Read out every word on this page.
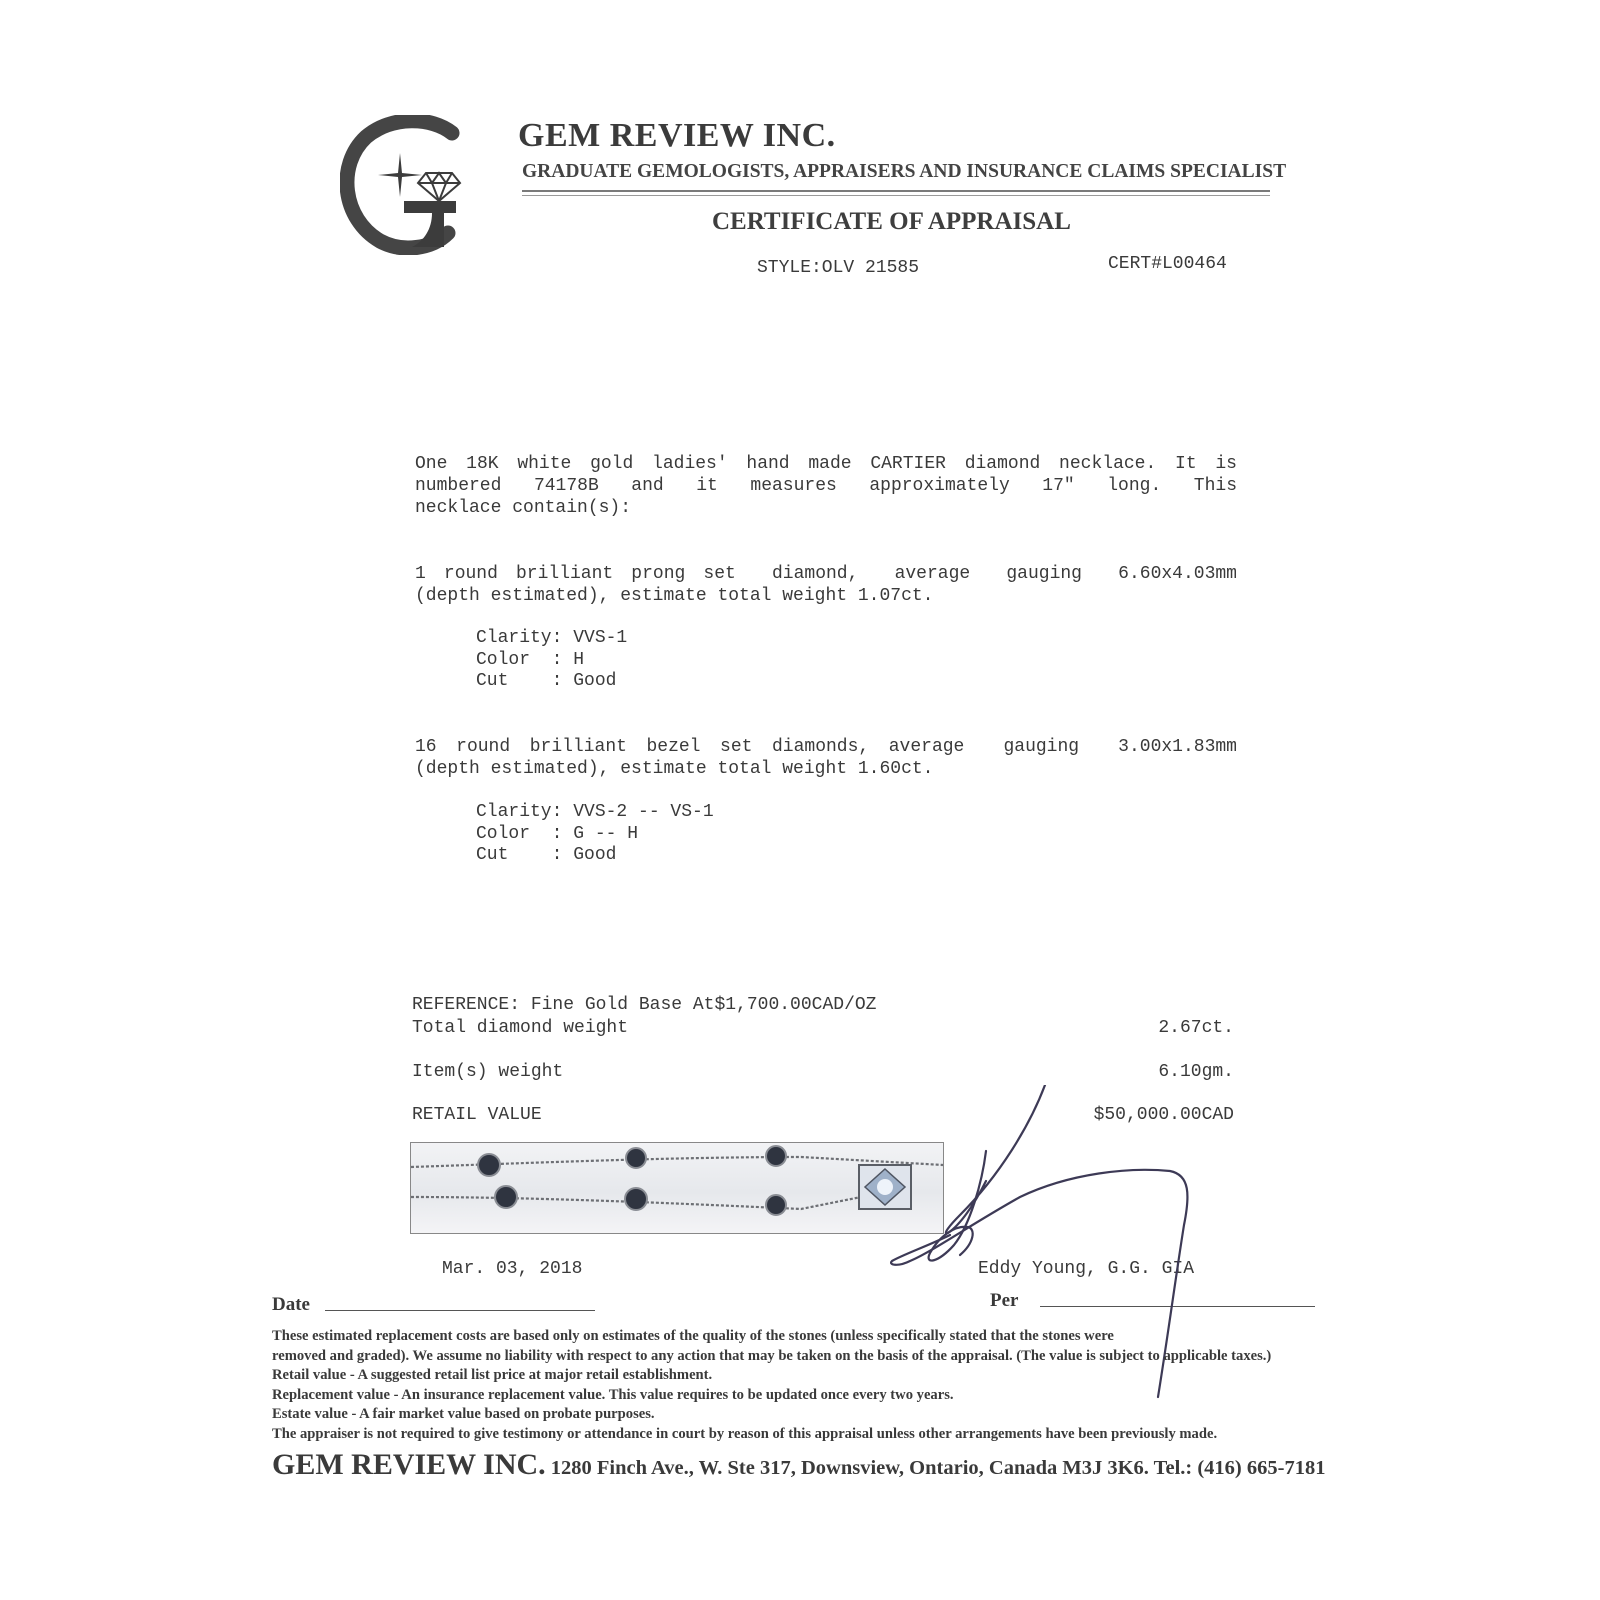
GEM REVIEW INC.
GRADUATE GEMOLOGISTS, APPRAISERS AND INSURANCE CLAIMS SPECIALIST
CERTIFICATE OF APPRAISAL
STYLE:OLV 21585	CERT#L00464
One 18K white gold ladies' hand made CARTIER diamond necklace. It is
numbered 74178B and it measures approximately 17" long. This
necklace contain(s):
1 round brilliant prong set  diamond,  average  gauging  6.60x4.03mm
(depth estimated), estimate total weight 1.07ct.
Clarity: VVS-1
Color  : H
Cut    : Good
16 round brilliant bezel set diamonds, average  gauging  3.00x1.83mm
(depth estimated), estimate total weight 1.60ct.
Clarity: VVS-2 -- VS-1
Color  : G -- H
Cut    : Good
REFERENCE: Fine Gold Base At$1,700.00CAD/OZ
Total diamond weight	2.67ct.
Item(s) weight	6.10gm.
RETAIL VALUE	$50,000.00CAD
Mar. 03, 2018	Eddy Young, G.G. GIA
Date	Per
These estimated replacement costs are based only on estimates of the quality of the stones (unless specifically stated that the stones were
removed and graded). We assume no liability with respect to any action that may be taken on the basis of the appraisal. (The value is subject to applicable taxes.)
Retail value - A suggested retail list price at major retail establishment.
Replacement value - An insurance replacement value. This value requires to be updated once every two years.
Estate value - A fair market value based on probate purposes.
The appraiser is not required to give testimony or attendance in court by reason of this appraisal unless other arrangements have been previously made.
GEM REVIEW INC. 1280 Finch Ave., W. Ste 317, Downsview, Ontario, Canada M3J 3K6. Tel.: (416) 665-7181
